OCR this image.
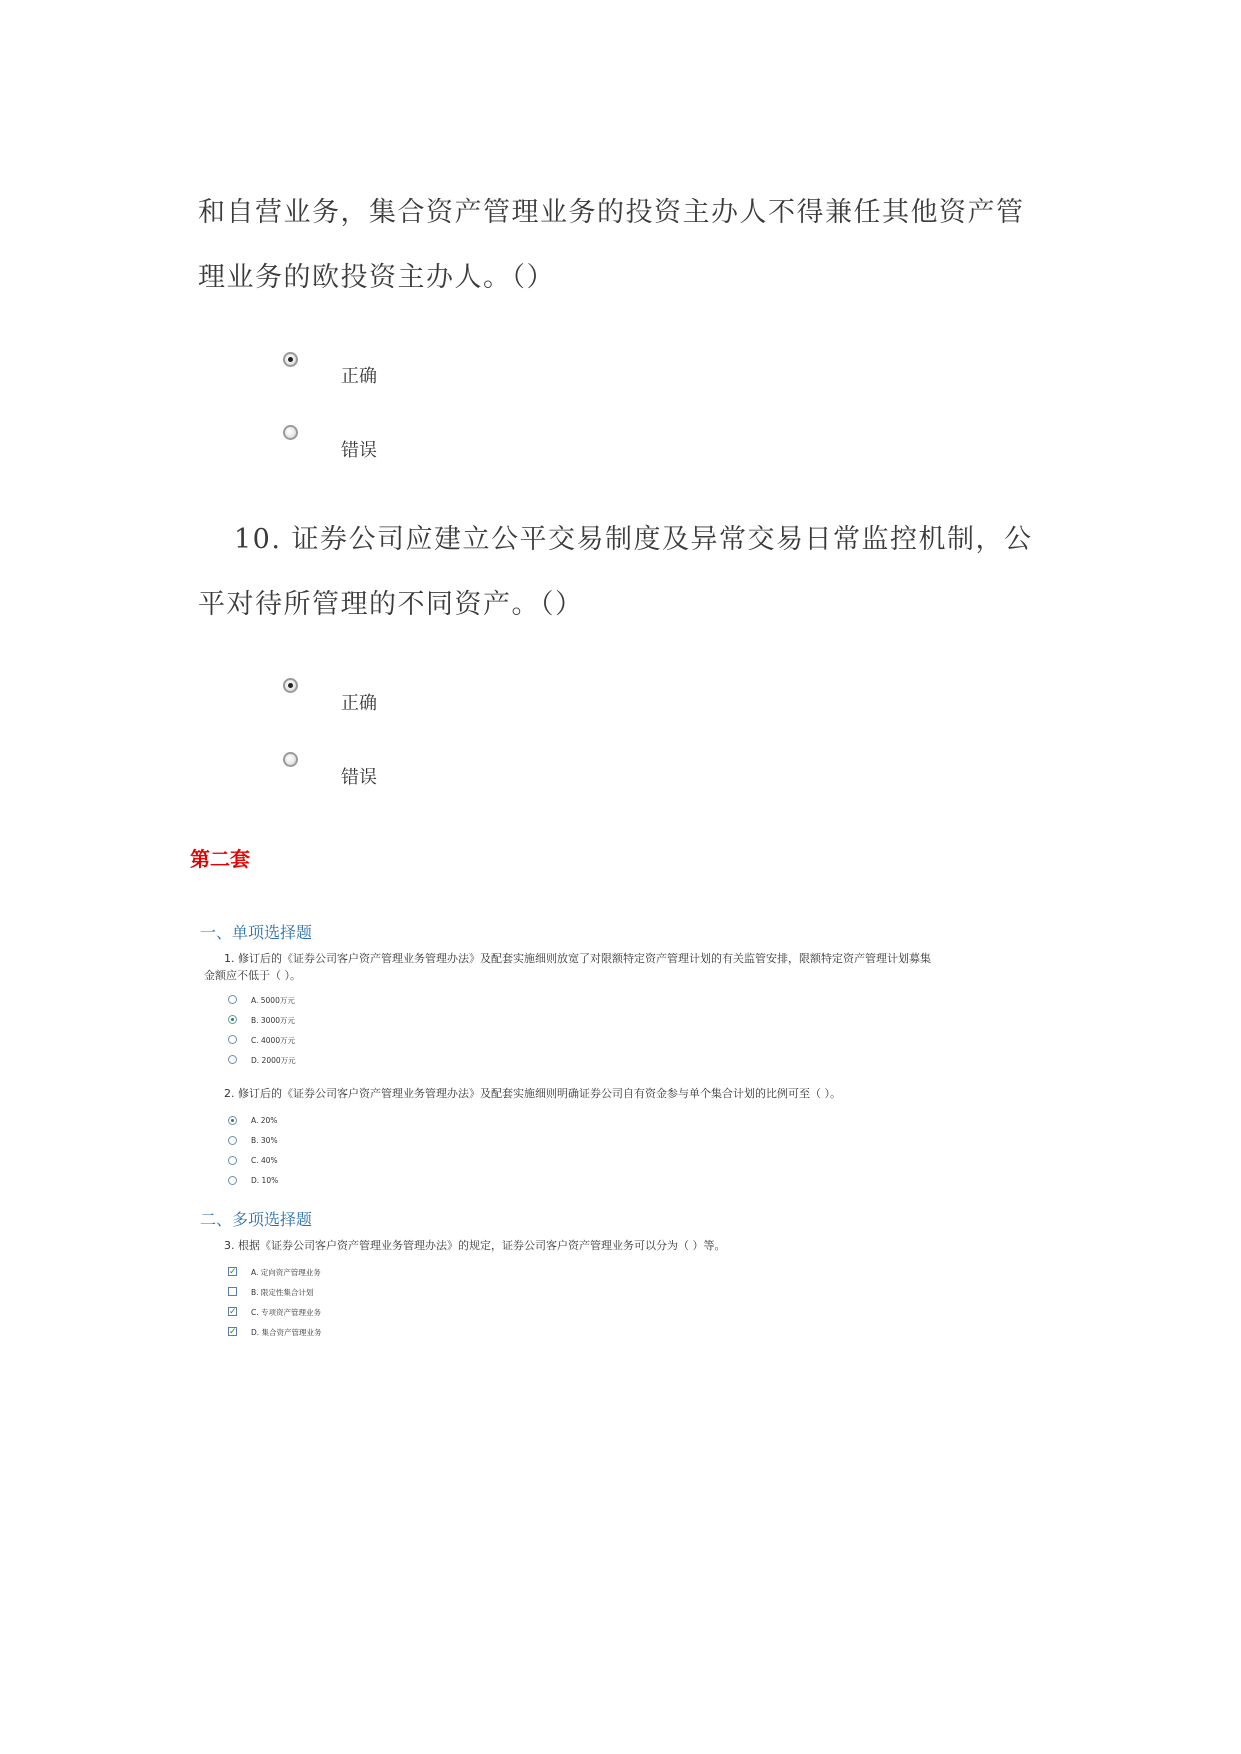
和自营业务，集合资产管理业务的投资主办人不得兼任其他资产管
理业务的欧投资主办人。（）
正确
错误
10. 证券公司应建立公平交易制度及异常交易日常监控机制，公
平对待所管理的不同资产。（）
正确
错误
第二套
一、单项选择题
1. 修订后的《证券公司客户资产管理业务管理办法》及配套实施细则放宽了对限额特定资产管理计划的有关监管安排，限额特定资产管理计划募集
金额应不低于（ ）。
A. 5000万元
B. 3000万元
C. 4000万元
D. 2000万元
2. 修订后的《证券公司客户资产管理业务管理办法》及配套实施细则明确证券公司自有资金参与单个集合计划的比例可至（ ）。
A. 20%
B. 30%
C. 40%
D. 10%
二、多项选择题
3. 根据《证券公司客户资产管理业务管理办法》的规定，证券公司客户资产管理业务可以分为（ ）等。
✓ A. 定向资产管理业务
B. 限定性集合计划
✓ C. 专项资产管理业务
✓ D. 集合资产管理业务
